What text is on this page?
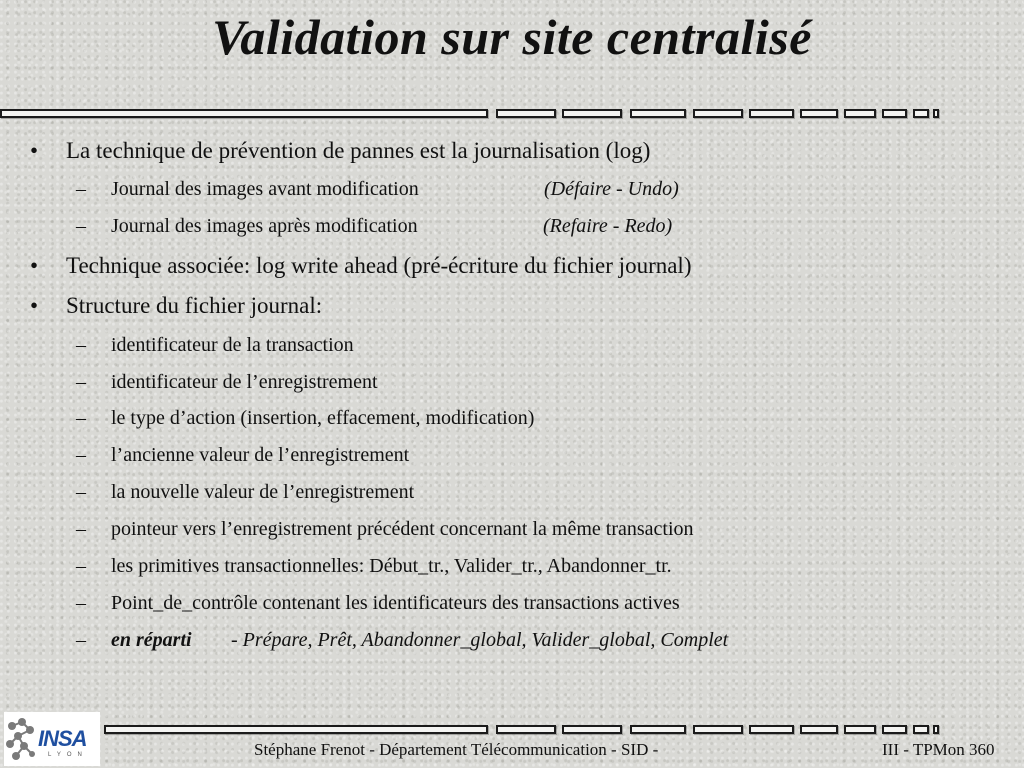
Validation sur site centralisé
• La technique de prévention de pannes est la journalisation (log)
– Journal des images avant modification	(Défaire - Undo)
– Journal des images après modification	(Refaire - Redo)
• Technique associée: log write ahead (pré-écriture du fichier journal)
• Structure du fichier journal:
– identificateur de la transaction
– identificateur de l’enregistrement
– le type d’action (insertion, effacement, modification)
– l’ancienne valeur de l’enregistrement
– la nouvelle valeur de l’enregistrement
– pointeur vers l’enregistrement précédent concernant la même transaction
– les primitives transactionnelles: Début_tr., Valider_tr., Abandonner_tr.
– Point_de_contrôle contenant les identificateurs des transactions actives
– en réparti - Prépare, Prêt, Abandonner_global, Valider_global, Complet
INSA
LYON	Stéphane Frenot - Département Télécommunication - SID -	III - TPMon 360
